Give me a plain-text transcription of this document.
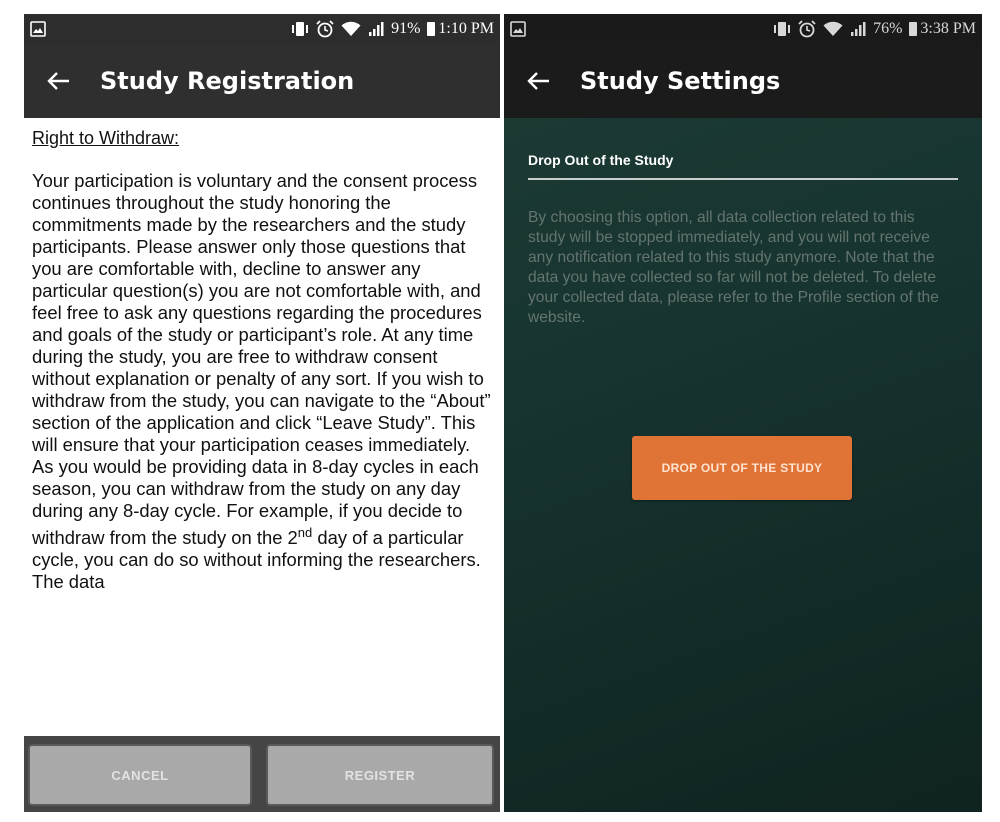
91% 1:10 PM
Study Registration
Right to Withdraw:
Your participation is voluntary and the consent process continues throughout the study honoring the commitments made by the researchers and the study participants. Please answer only those questions that you are comfortable with, decline to answer any particular question(s) you are not comfortable with, and feel free to ask any questions regarding the procedures and goals of the study or participant’s role. At any time during the study, you are free to withdraw consent without explanation or penalty of any sort. If you wish to withdraw from the study, you can navigate to the “About” section of the application and click “Leave Study”. This will ensure that your participation ceases immediately. As you would be providing data in 8-day cycles in each season, you can withdraw from the study on any day during any 8-day cycle. For example, if you decide to withdraw from the study on the 2nd day of a particular cycle, you can do so without informing the researchers. The data
CANCEL	REGISTER
76% 3:38 PM
Study Settings
Drop Out of the Study
By choosing this option, all data collection related to this study will be stopped immediately, and you will not receive any notification related to this study anymore. Note that the data you have collected so far will not be deleted. To delete your collected data, please refer to the Profile section of the website.
DROP OUT OF THE STUDY
